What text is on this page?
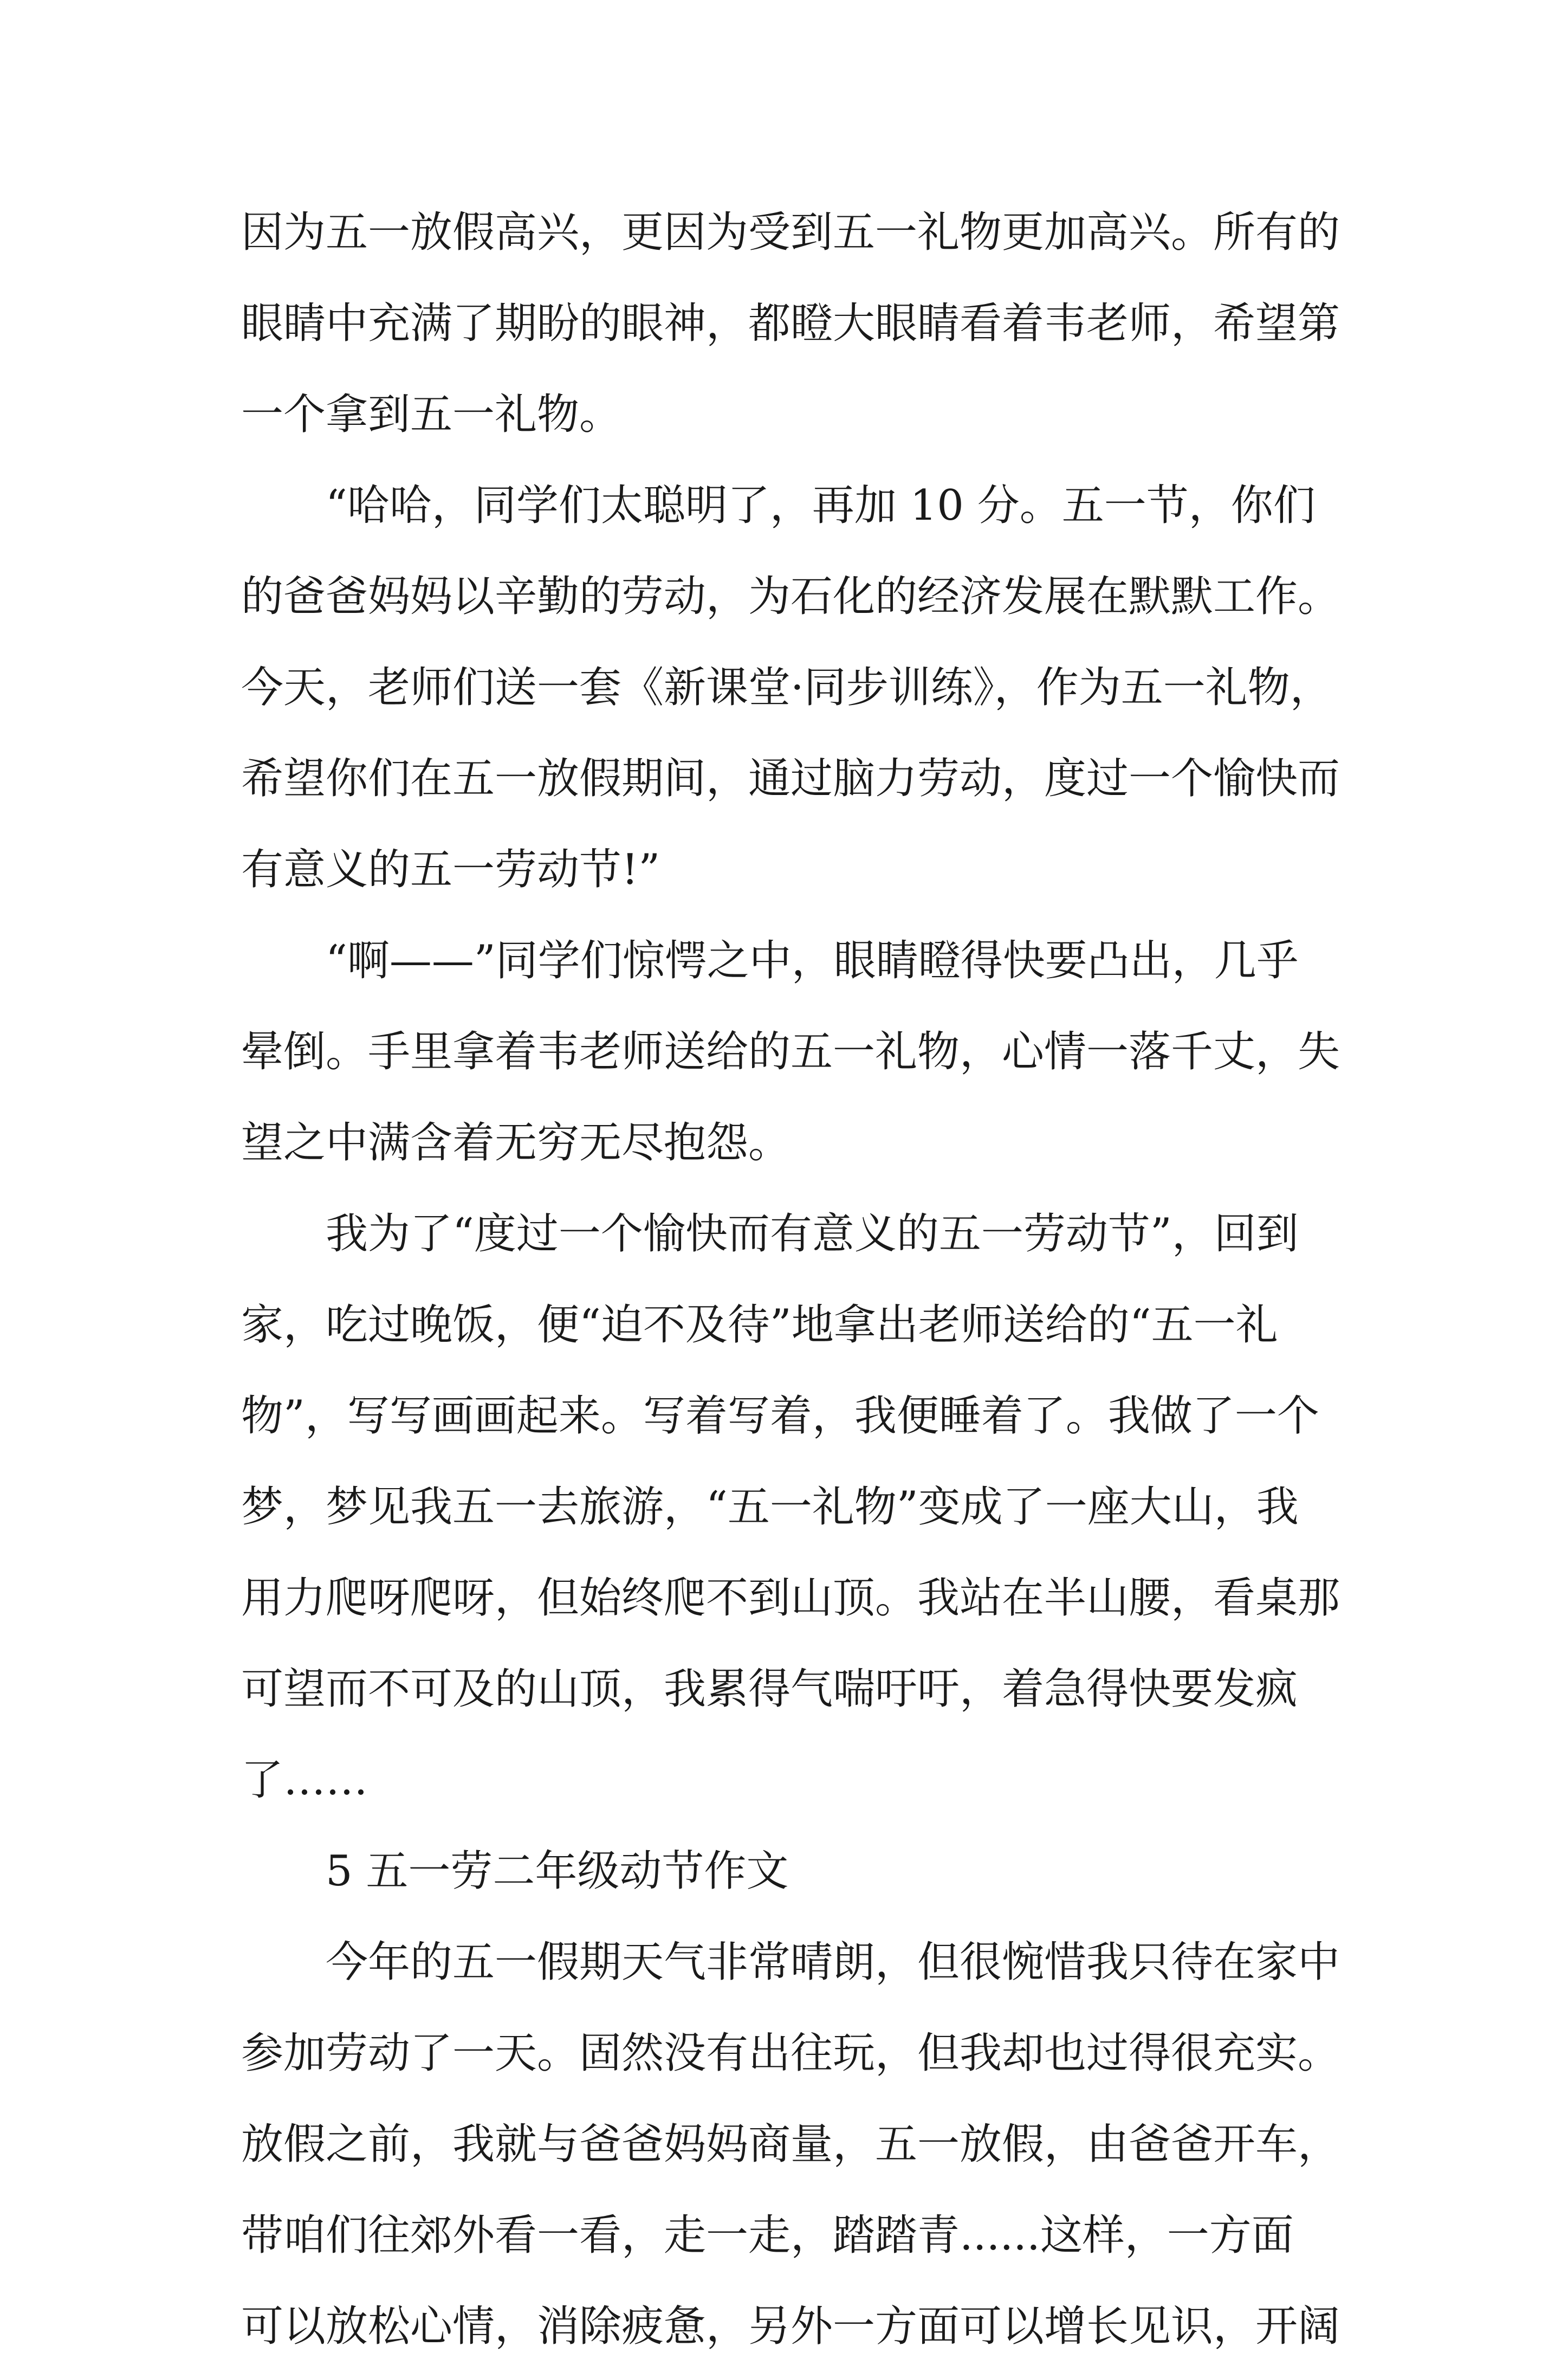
因为五一放假高兴，更因为受到五一礼物更加高兴。所有的
眼睛中充满了期盼的眼神，都瞪大眼睛看着韦老师，希望第
一个拿到五一礼物。
“哈哈，同学们太聪明了，再加 10 分。五一节，你们
的爸爸妈妈以辛勤的劳动，为石化的经济发展在默默工作。
今天，老师们送一套《新课堂·同步训练》，作为五一礼物，
希望你们在五一放假期间，通过脑力劳动，度过一个愉快而
有意义的五一劳动节!”
“啊——”同学们惊愕之中，眼睛瞪得快要凸出，几乎
晕倒。手里拿着韦老师送给的五一礼物，心情一落千丈，失
望之中满含着无穷无尽抱怨。
我为了“度过一个愉快而有意义的五一劳动节”，回到
家，吃过晚饭，便“迫不及待”地拿出老师送给的“五一礼
物”，写写画画起来。写着写着，我便睡着了。我做了一个
梦，梦见我五一去旅游，“五一礼物”变成了一座大山，我
用力爬呀爬呀，但始终爬不到山顶。我站在半山腰，看桌那
可望而不可及的山顶，我累得气喘吁吁，着急得快要发疯
了……
5 五一劳二年级动节作文
今年的五一假期天气非常晴朗，但很惋惜我只待在家中
参加劳动了一天。固然没有出往玩，但我却也过得很充实。
放假之前，我就与爸爸妈妈商量，五一放假，由爸爸开车，
带咱们往郊外看一看，走一走，踏踏青......这样，一方面
可以放松心情，消除疲惫，另外一方面可以增长见识，开阔
